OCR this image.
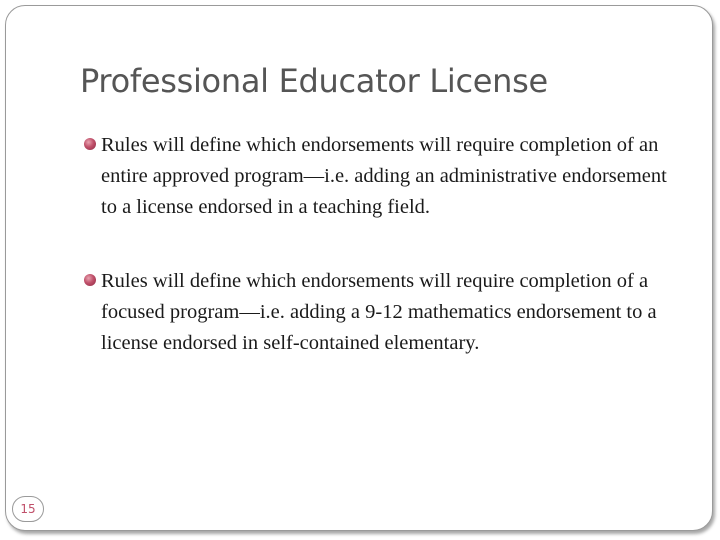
Professional Educator License
Rules will define which endorsements will require completion of an entire approved program—i.e. adding an administrative endorsement to a license endorsed in a teaching field.
Rules will define which endorsements will require completion of a focused program—i.e. adding a 9-12 mathematics endorsement to a license endorsed in self-contained elementary.
15
